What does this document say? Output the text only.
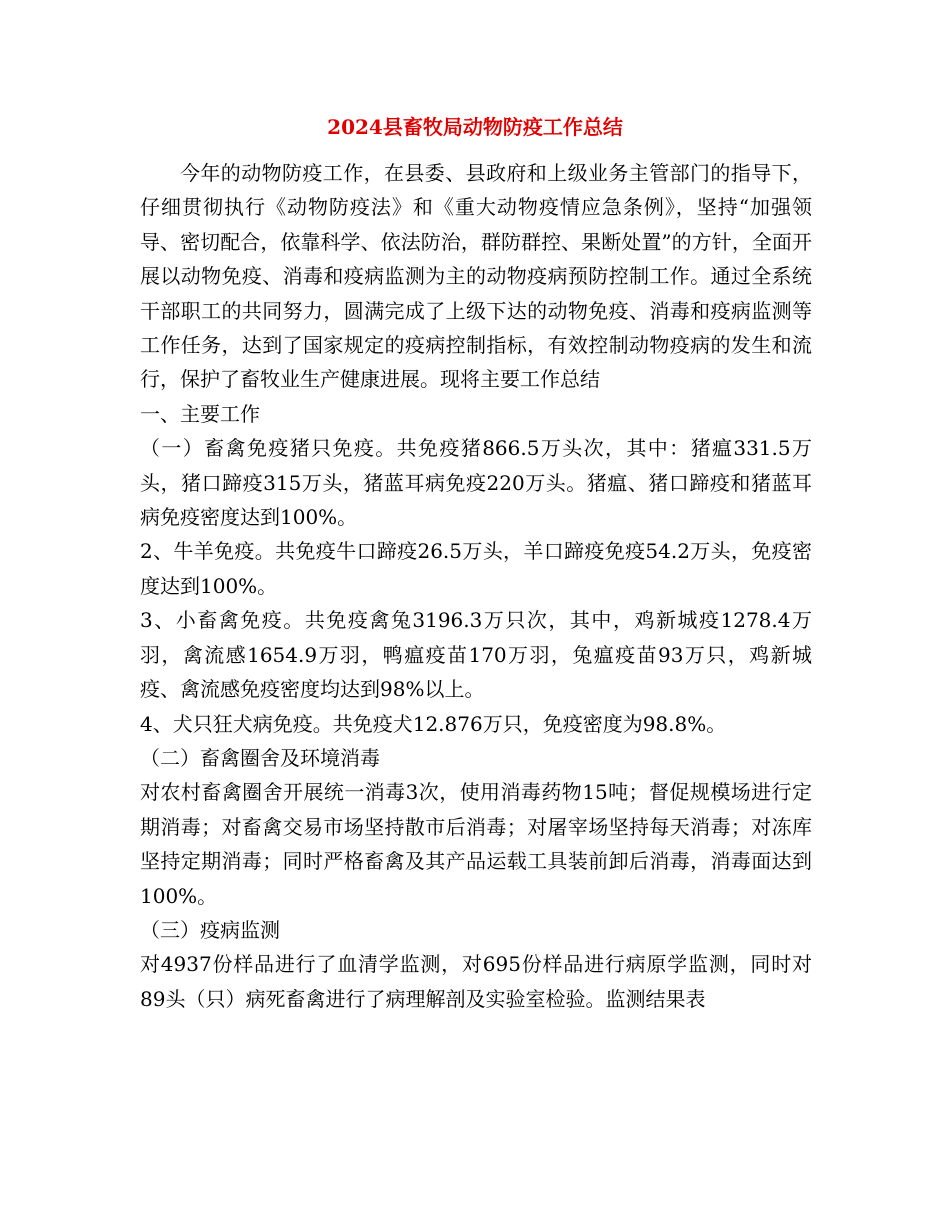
2024县畜牧局动物防疫工作总结

今年的动物防疫工作，在县委、县政府和上级业务主管部门的指导下，仔细贯彻执行《动物防疫法》和《重大动物疫情应急条例》，坚持“加强领导、密切配合，依靠科学、依法防治，群防群控、果断处置”的方针，全面开展以动物免疫、消毒和疫病监测为主的动物疫病预防控制工作。通过全系统干部职工的共同努力，圆满完成了上级下达的动物免疫、消毒和疫病监测等工作任务，达到了国家规定的疫病控制指标，有效控制动物疫病的发生和流行，保护了畜牧业生产健康进展。现将主要工作总结

一、主要工作

（一）畜禽免疫猪只免疫。共免疫猪866.5万头次，其中：猪瘟331.5万头，猪口蹄疫315万头，猪蓝耳病免疫220万头。猪瘟、猪口蹄疫和猪蓝耳病免疫密度达到100%。

2、牛羊免疫。共免疫牛口蹄疫26.5万头，羊口蹄疫免疫54.2万头，免疫密度达到100%。

3、小畜禽免疫。共免疫禽兔3196.3万只次，其中，鸡新城疫1278.4万羽，禽流感1654.9万羽，鸭瘟疫苗170万羽，兔瘟疫苗93万只，鸡新城疫、禽流感免疫密度均达到98%以上。

4、犬只狂犬病免疫。共免疫犬12.876万只，免疫密度为98.8%。

（二）畜禽圈舍及环境消毒

对农村畜禽圈舍开展统一消毒3次，使用消毒药物15吨；督促规模场进行定期消毒；对畜禽交易市场坚持散市后消毒；对屠宰场坚持每天消毒；对冻库坚持定期消毒；同时严格畜禽及其产品运载工具装前卸后消毒，消毒面达到100%。

（三）疫病监测

对4937份样品进行了血清学监测，对695份样品进行病原学监测，同时对89头（只）病死畜禽进行了病理解剖及实验室检验。监测结果表
